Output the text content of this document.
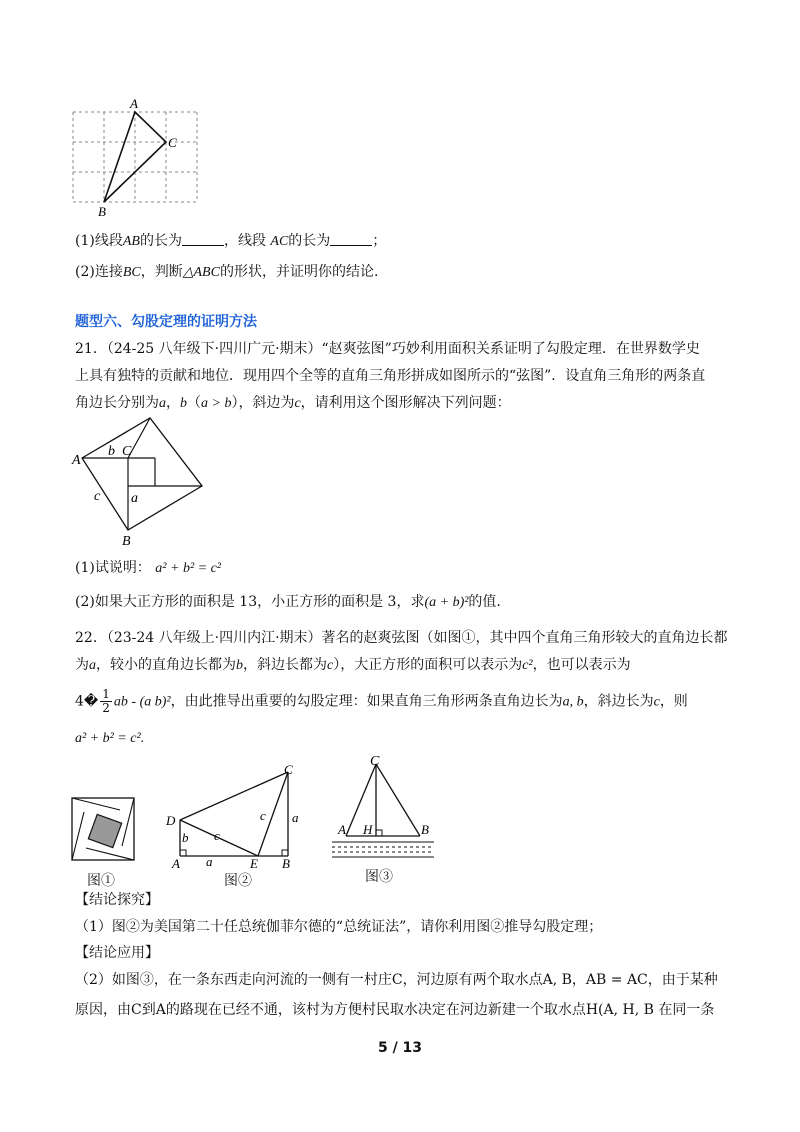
A
C
B
(1)线段AB的长为	，线段 AC的长为	；
(2)连接BC，判断△ABC的形状，并证明你的结论.
题型六、勾股定理的证明方法
21．（24-25 八年级下·四川广元·期末）“赵爽弦图”巧妙利用面积关系证明了勾股定理．在世界数学史
上具有独特的贡献和地位．现用四个全等的直角三角形拼成如图所示的“弦图”．设直角三角形的两条直
角边长分别为a，b（a > b），斜边为c，请利用这个图形解决下列问题：
A
b C
c a
B
(1)试说明： a² + b² = c²
(2)如果大正方形的面积是 13，小正方形的面积是 3，求(a + b)²的值.
22．（23-24 八年级上·四川内江·期末）著名的赵爽弦图（如图①，其中四个直角三角形较大的直角边长都
为a，较小的直角边长都为b，斜边长都为c），大正方形的面积可以表示为c²，也可以表示为
4� $\frac{1}{2}$ ab - (a b)²，由此推导出重要的勾股定理：如果直角三角形两条直角边长为a, b，斜边长为c，则
a² + b² = c².
图①
D
b
A
c
a
c a
E B
C
图②
C
A H	B
图③
【结论探究】
（1）图②为美国第二十任总统伽菲尔德的“总统证法”，请你利用图②推导勾股定理；
【结论应用】
（2）如图③，在一条东西走向河流的一侧有一村庄C，河边原有两个取水点A, B，AB = AC，由于某种
原因，由C到A的路现在已经不通，该村为方便村民取水决定在河边新建一个取水点H(A, H, B 在同一条
5 / 13
